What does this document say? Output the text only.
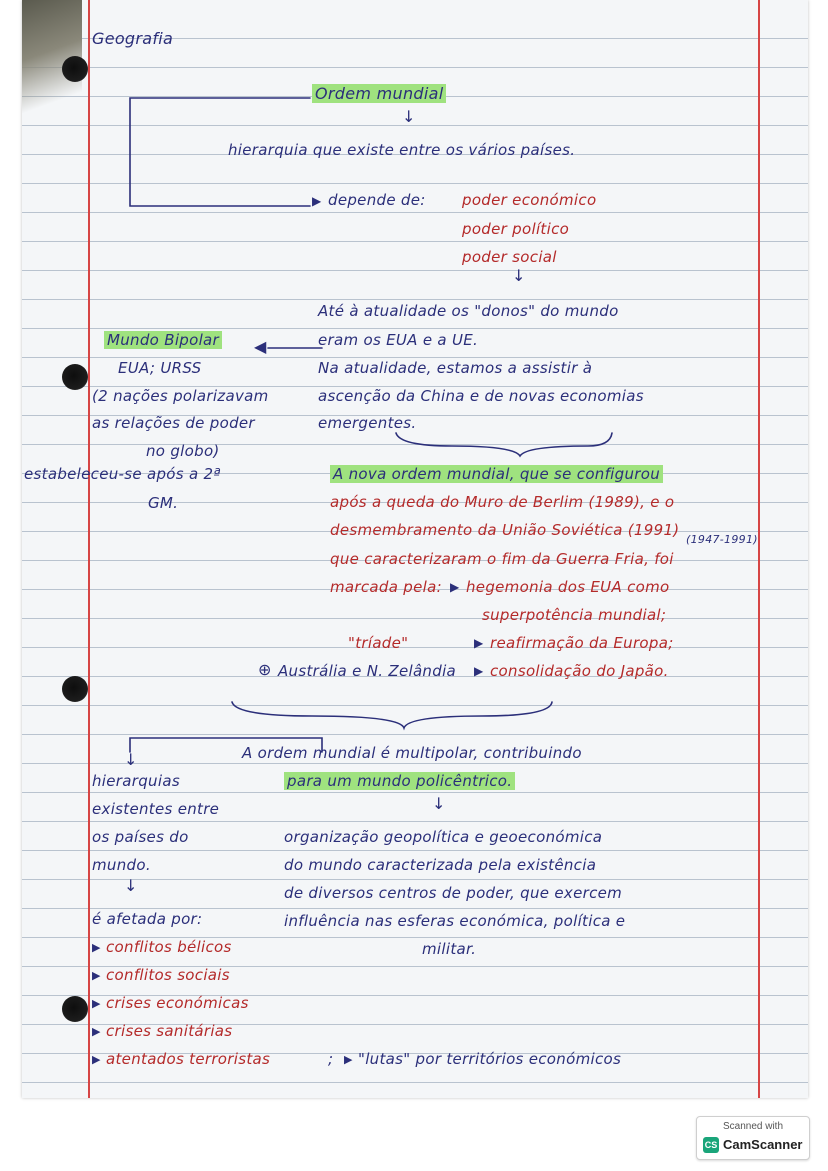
Geografia
Ordem mundial
↓
hierarquia que existe entre os vários países.
▶ depende de: poder económico
poder político
poder social
↓
Até à atualidade os "donos" do mundo
eram os EUA e a UE.
Na atualidade, estamos a assistir à
ascenção da China e de novas economias
emergentes.
◀
Mundo Bipolar
EUA; URSS
(2 nações polarizavam
as relações de poder
no globo)
estabeleceu-se após a 2ª
GM.
A nova ordem mundial, que se configurou
após a queda do Muro de Berlim (1989), e o
desmembramento da União Soviética (1991)
que caracterizaram o fim da Guerra Fria, foi
(1947-1991)
marcada pela: ▶ hegemonia dos EUA como
superpotência mundial;
"tríade"	▶ reafirmação da Europa;
⊕ Austrália e N. Zelândia ▶ consolidação do Japão.
A ordem mundial é multipolar, contribuindo
para um mundo policêntrico.
↓
organização geopolítica e geoeconómica
do mundo caracterizada pela existência
de diversos centros de poder, que exercem
influência nas esferas económica, política e
militar.
↓
hierarquias
existentes entre
os países do
mundo.
↓
é afetada por:
▶ conflitos bélicos
▶ conflitos sociais
▶ crises económicas
▶ crises sanitárias
▶ atentados terroristas	; ▶ "lutas" por territórios económicos
Scanned with
CS CamScanner
